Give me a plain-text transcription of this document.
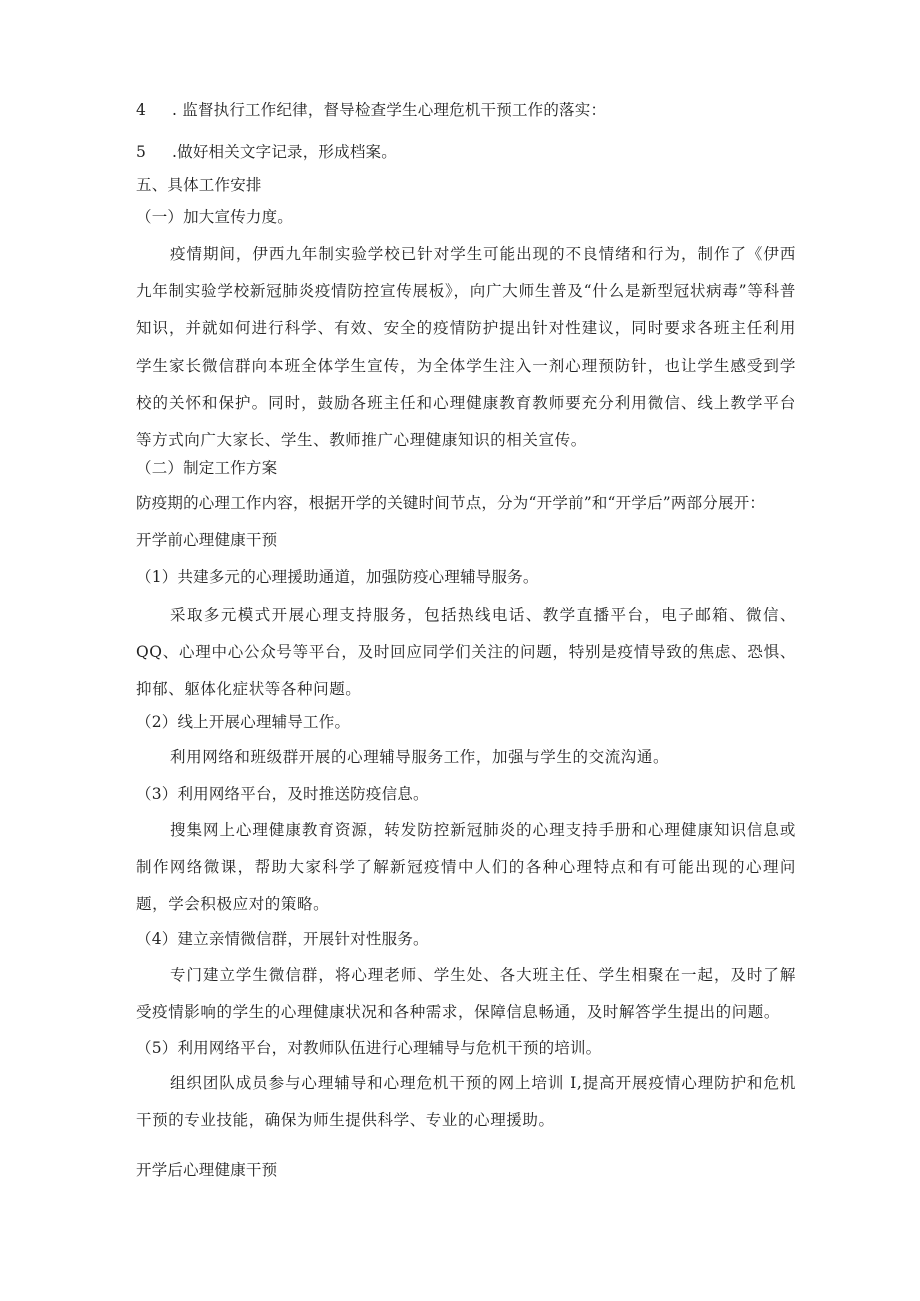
4 . 监督执行工作纪律，督导检查学生心理危机干预工作的落实：
5 .做好相关文字记录，形成档案。
五、具体工作安排
（一）加大宣传力度。

疫情期间，伊西九年制实验学校已针对学生可能出现的不良情绪和行为，制作了《伊西九年制实验学校新冠肺炎疫情防控宣传展板》，向广大师生普及“什么是新型冠状病毒”等科普知识，并就如何进行科学、有效、安全的疫情防护提出针对性建议，同时要求各班主任利用学生家长微信群向本班全体学生宣传，为全体学生注入一剂心理预防针，也让学生感受到学校的关怀和保护。同时，鼓励各班主任和心理健康教育教师要充分利用微信、线上教学平台等方式向广大家长、学生、教师推广心理健康知识的相关宣传。

（二）制定工作方案
防疫期的心理工作内容，根据开学的关键时间节点，分为“开学前”和“开学后”两部分展开：
开学前心理健康干预
（1）共建多元的心理援助通道，加强防疫心理辅导服务。

采取多元模式开展心理支持服务，包括热线电话、教学直播平台，电子邮箱、微信、QQ、心理中心公众号等平台，及时回应同学们关注的问题，特别是疫情导致的焦虑、恐惧、抑郁、躯体化症状等各种问题。

（2）线上开展心理辅导工作。

利用网络和班级群开展的心理辅导服务工作，加强与学生的交流沟通。

（3）利用网络平台，及时推送防疫信息。

搜集网上心理健康教育资源，转发防控新冠肺炎的心理支持手册和心理健康知识信息或制作网络微课，帮助大家科学了解新冠疫情中人们的各种心理特点和有可能出现的心理问题，学会积极应对的策略。

（4）建立亲情微信群，开展针对性服务。

专门建立学生微信群，将心理老师、学生处、各大班主任、学生相聚在一起，及时了解受疫情影响的学生的心理健康状况和各种需求，保障信息畅通，及时解答学生提出的问题。

（5）利用网络平台，对教师队伍进行心理辅导与危机干预的培训。

组织团队成员参与心理辅导和心理危机干预的网上培训 I,提高开展疫情心理防护和危机干预的专业技能，确保为师生提供科学、专业的心理援助。

开学后心理健康干预
